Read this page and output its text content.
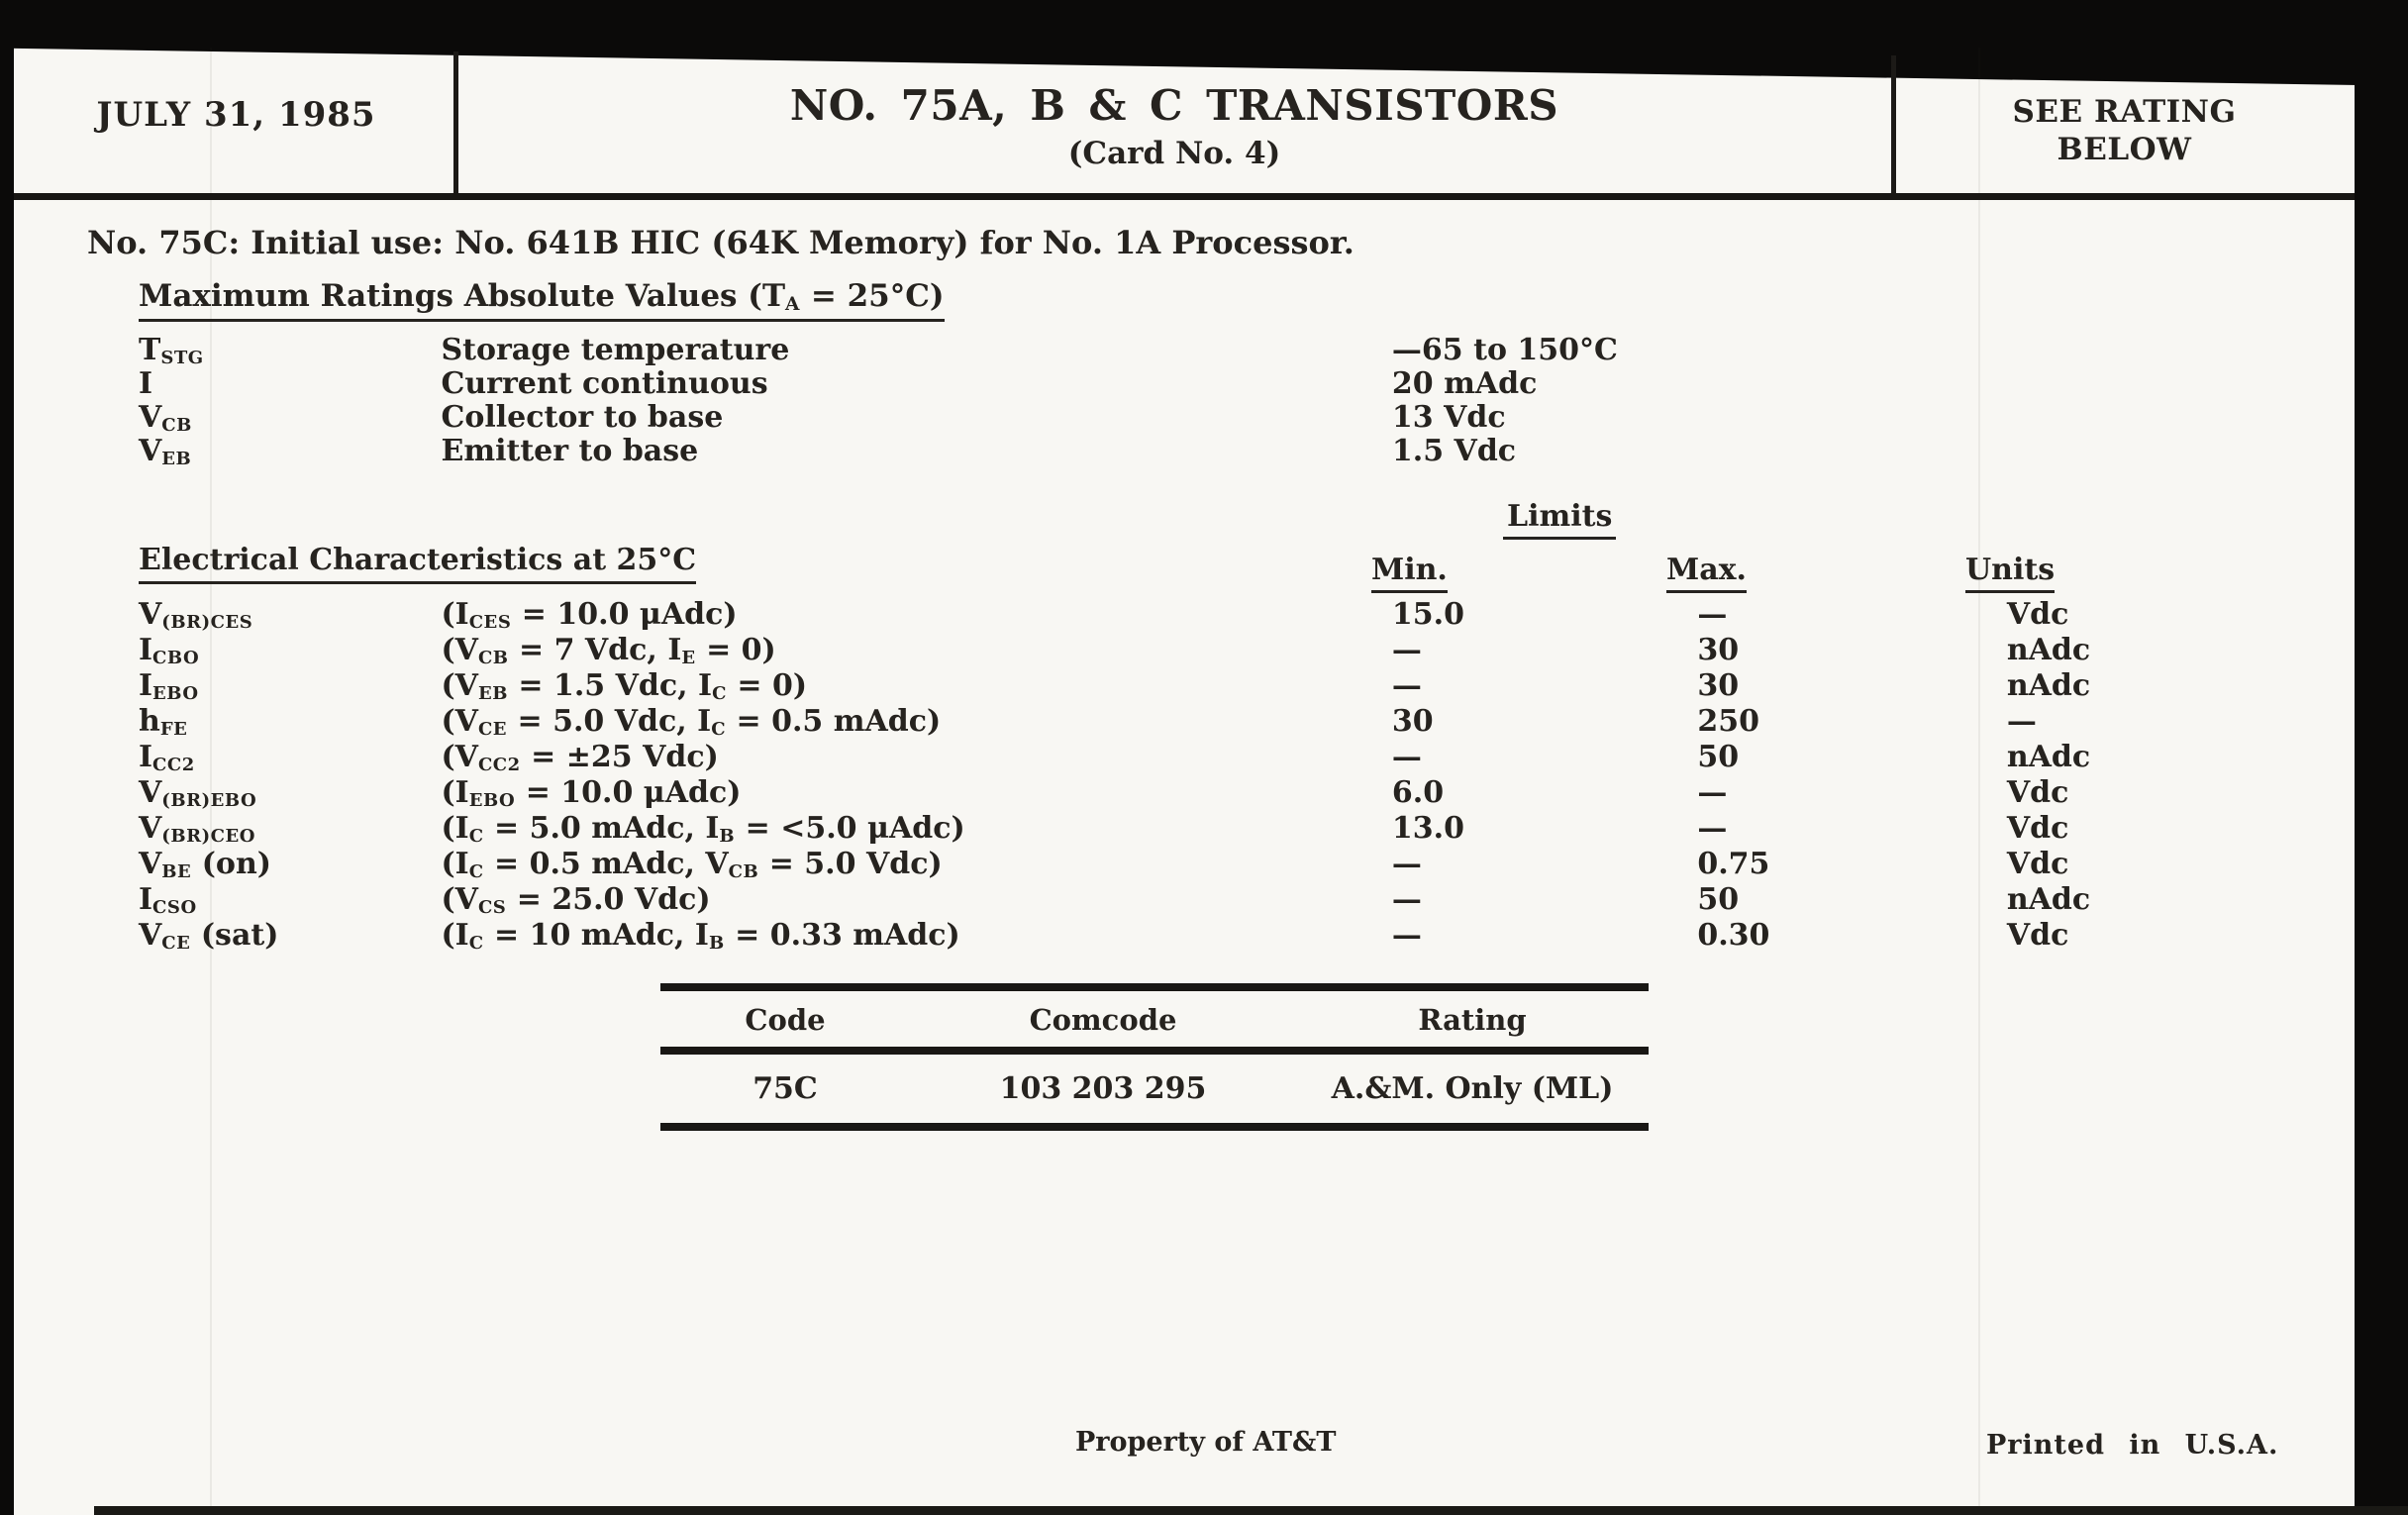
JULY 31, 1985	NO. 75A, B & C TRANSISTORS
(Card No. 4)
SEE RATING
BELOW
No. 75C: Initial use: No. 641B HIC (64K Memory) for No. 1A Processor.
Maximum Ratings Absolute Values $(T_A = 25^\circ C)$
$T_{STG}$	Storage temperature	—65 to 150°C
I	Current continuous	20 mAdc
$V_{CB}$	Collector to base	13 Vdc
$V_{EB}$	Emitter to base	1.5 Vdc
Limits
Electrical Characteristics at 25°C	Min.	Max.	Units
$V_{(BR)CES}$	($I_{CES} = 10.0$ μAdc)	15.0	—	Vdc
$I_{CBO}$	($V_{CB} = 7$ Vdc, $I_E = 0$)	—	30	nAdc
$I_{EBO}$	($V_{EB} = 1.5$ Vdc, $I_C = 0$)	—	30	nAdc
$h_{FE}$	($V_{CE} = 5.0$ Vdc, $I_C = 0.5$ mAdc)	30	250	—
$I_{CC2}$	($V_{CC2} = \pm 25$ Vdc)	—	50	nAdc
$V_{(BR)EBO}$	($I_{EBO} = 10.0$ μAdc)	6.0	—	Vdc
$V_{(BR)CEO}$	($I_C = 5.0$ mAdc, $I_B = <5.0$ μAdc)	13.0	—	Vdc
$V_{BE}$ (on)	($I_C = 0.5$ mAdc, $V_{CB} = 5.0$ Vdc)	—	0.75	Vdc
$I_{CSO}$	($V_{CS} = 25.0$ Vdc)	—	50	nAdc
$V_{CE}$ (sat)	($I_C = 10$ mAdc, $I_B = 0.33$ mAdc)	—	0.30	Vdc
Code	Comcode	Rating
75C	103 203 295	A.&M. Only (ML)
Property of AT&T	Printed in U.S.A.
